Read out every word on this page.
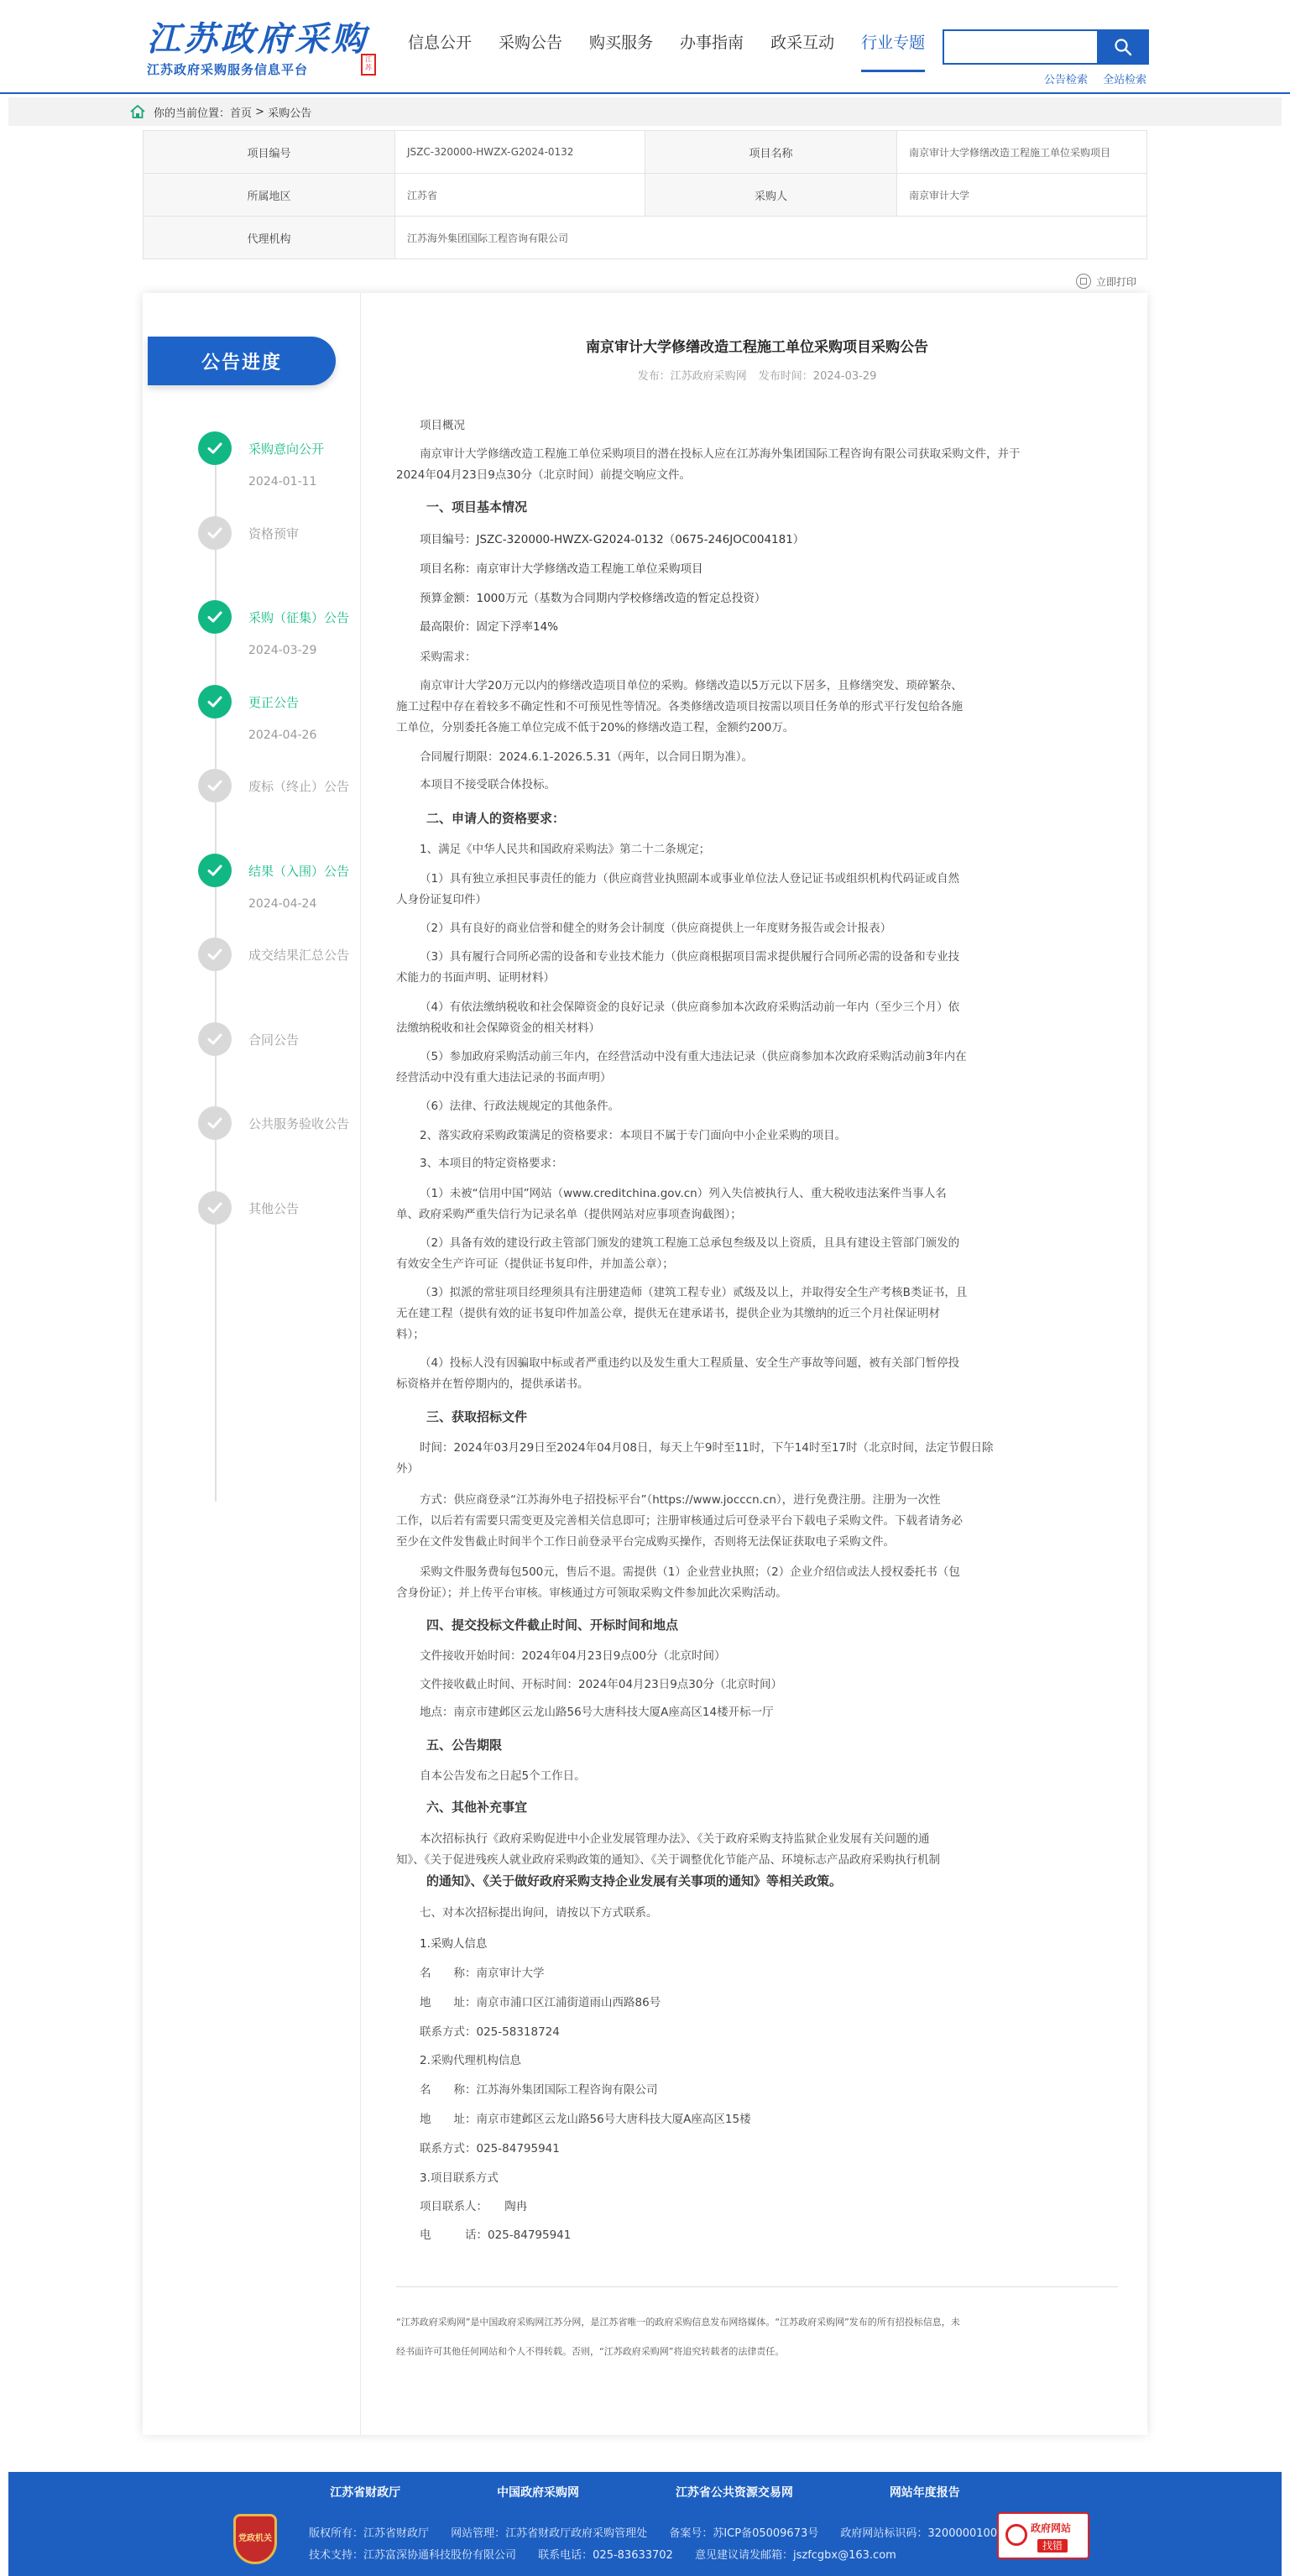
江苏政府采购
江苏政府采购服务信息平台
江苏
信息公开 采购公告 购买服务 办事指南 政采互动 行业专题
公告检索 全站检索
你的当前位置： 首页 > 采购公告
项目编号	JSZC-320000-HWZX-G2024-0132	项目名称	南京审计大学修缮改造工程施工单位采购项目
所属地区	江苏省	采购人	南京审计大学
代理机构	江苏海外集团国际工程咨询有限公司		
立即打印
公告进度
采购意向公开
2024-01-11
资格预审
采购（征集）公告
2024-03-29
更正公告
2024-04-26
废标（终止）公告
结果（入围）公告
2024-04-24
成交结果汇总公告
合同公告
公共服务验收公告
其他公告
南京审计大学修缮改造工程施工单位采购项目采购公告
发布：江苏政府采购网 发布时间：2024-03-29
项目概况
南京审计大学修缮改造工程施工单位采购项目的潜在投标人应在江苏海外集团国际工程咨询有限公司获取采购文件，并于
2024年04月23日9点30分（北京时间）前提交响应文件。
一、项目基本情况
项目编号：JSZC-320000-HWZX-G2024-0132（0675-246JOC004181）
项目名称：南京审计大学修缮改造工程施工单位采购项目
预算金额：1000万元（基数为合同期内学校修缮改造的暂定总投资）
最高限价：固定下浮率14%
采购需求：
南京审计大学20万元以内的修缮改造项目单位的采购。修缮改造以5万元以下居多，且修缮突发、琐碎繁杂、
施工过程中存在着较多不确定性和不可预见性等情况。各类修缮改造项目按需以项目任务单的形式平行发包给各施
工单位，分别委托各施工单位完成不低于20%的修缮改造工程，金额约200万。
合同履行期限：2024.6.1-2026.5.31（两年，以合同日期为准）。
本项目不接受联合体投标。
二、申请人的资格要求：
1、满足《中华人民共和国政府采购法》第二十二条规定；
（1）具有独立承担民事责任的能力（供应商营业执照副本或事业单位法人登记证书或组织机构代码证或自然
人身份证复印件）
（2）具有良好的商业信誉和健全的财务会计制度（供应商提供上一年度财务报告或会计报表）
（3）具有履行合同所必需的设备和专业技术能力（供应商根据项目需求提供履行合同所必需的设备和专业技
术能力的书面声明、证明材料）
（4）有依法缴纳税收和社会保障资金的良好记录（供应商参加本次政府采购活动前一年内（至少三个月）依
法缴纳税收和社会保障资金的相关材料）
（5）参加政府采购活动前三年内，在经营活动中没有重大违法记录（供应商参加本次政府采购活动前3年内在
经营活动中没有重大违法记录的书面声明）
（6）法律、行政法规规定的其他条件。
2、落实政府采购政策满足的资格要求：本项目不属于专门面向中小企业采购的项目。
3、本项目的特定资格要求：
（1）未被“信用中国”网站（www.creditchina.gov.cn）列入失信被执行人、重大税收违法案件当事人名
单、政府采购严重失信行为记录名单（提供网站对应事项查询截图）；
（2）具备有效的建设行政主管部门颁发的建筑工程施工总承包叁级及以上资质，且具有建设主管部门颁发的
有效安全生产许可证（提供证书复印件，并加盖公章）；
（3）拟派的常驻项目经理须具有注册建造师（建筑工程专业）贰级及以上，并取得安全生产考核B类证书，且
无在建工程（提供有效的证书复印件加盖公章，提供无在建承诺书，提供企业为其缴纳的近三个月社保证明材
料）；
（4）投标人没有因骗取中标或者严重违约以及发生重大工程质量、安全生产事故等问题，被有关部门暂停投
标资格并在暂停期内的，提供承诺书。
三、获取招标文件
时间：2024年03月29日至2024年04月08日，每天上午9时至11时，下午14时至17时（北京时间，法定节假日除
外）
方式：供应商登录“江苏海外电子招投标平台”（https://www.jocccn.cn），进行免费注册。注册为一次性
工作，以后若有需要只需变更及完善相关信息即可；注册审核通过后可登录平台下载电子采购文件。下载者请务必
至少在文件发售截止时间半个工作日前登录平台完成购买操作，否则将无法保证获取电子采购文件。
采购文件服务费每包500元，售后不退。需提供（1）企业营业执照；（2）企业介绍信或法人授权委托书（包
含身份证）；并上传平台审核。审核通过方可领取采购文件参加此次采购活动。
四、提交投标文件截止时间、开标时间和地点
文件接收开始时间：2024年04月23日9点00分（北京时间）
文件接收截止时间、开标时间：2024年04月23日9点30分（北京时间）
地点：南京市建邺区云龙山路56号大唐科技大厦A座高区14楼开标一厅
五、公告期限
自本公告发布之日起5个工作日。
六、其他补充事宜
本次招标执行《政府采购促进中小企业发展管理办法》、《关于政府采购支持监狱企业发展有关问题的通
知》、《关于促进残疾人就业政府采购政策的通知》、《关于调整优化节能产品、环境标志产品政府采购执行机制
的通知》、《关于做好政府采购支持企业发展有关事项的通知》等相关政策。
七、对本次招标提出询问，请按以下方式联系。
1.采购人信息
名　　称：南京审计大学
地　　址：南京市浦口区江浦街道雨山西路86号
联系方式：025-58318724
2.采购代理机构信息
名　　称：江苏海外集团国际工程咨询有限公司
地　　址：南京市建邺区云龙山路56号大唐科技大厦A座高区15楼
联系方式：025-84795941
3.项目联系方式
项目联系人：　　陶冉
电　　　话：025-84795941
“江苏政府采购网”是中国政府采购网江苏分网，是江苏省唯一的政府采购信息发布网络媒体。“江苏政府采购网”发布的所有招投标信息，未
经书面许可其他任何网站和个人不得转载。否则，“江苏政府采购网”将追究转载者的法律责任。
江苏省财政厅	中国政府采购网	江苏省公共资源交易网	网站年度报告
党政机关	版权所有：江苏省财政厅 网站管理：江苏省财政厅政府采购管理处 备案号：苏ICP备05009673号 政府网站标识码：3200000100
技术支持：江苏富深协通科技股份有限公司 联系电话：025-83633702 意见建议请发邮箱：jszfcgbx@163.com
政府网站
找错
